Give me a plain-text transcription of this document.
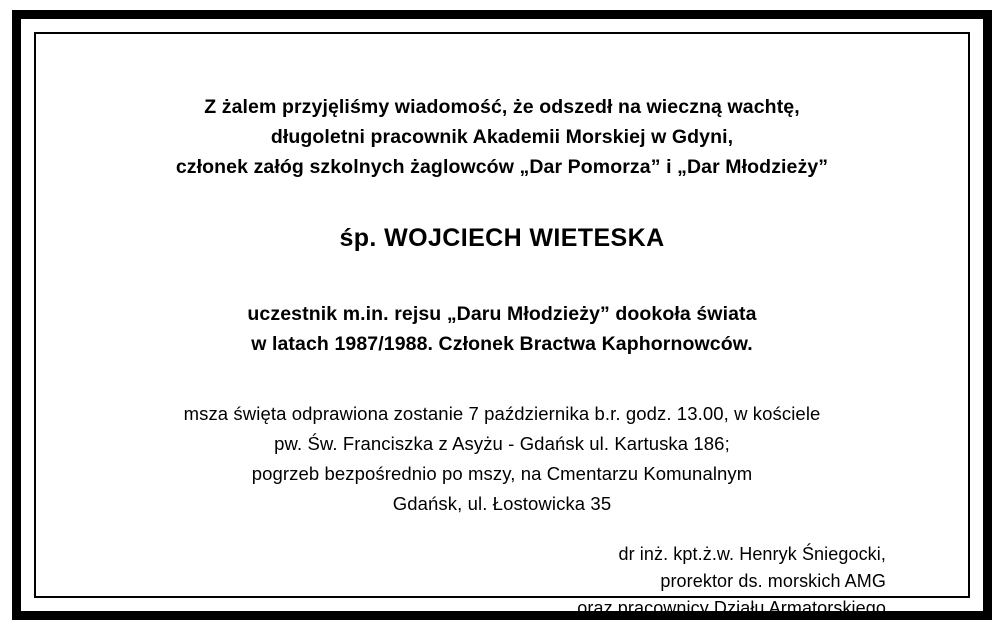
Z żalem przyjęliśmy wiadomość, że odszedł na wieczną wachtę,
długoletni pracownik Akademii Morskiej w Gdyni,
członek załóg szkolnych żaglowców „Dar Pomorza” i „Dar Młodzieży”
śp. WOJCIECH WIETESKA
uczestnik m.in. rejsu „Daru Młodzieży” dookoła świata
w latach 1987/1988. Członek Bractwa Kaphornowców.
msza święta odprawiona zostanie 7 października b.r. godz. 13.00, w kościele
pw. Św. Franciszka z Asyżu - Gdańsk ul. Kartuska 186;
pogrzeb bezpośrednio po mszy, na Cmentarzu Komunalnym
Gdańsk, ul. Łostowicka 35
dr inż. kpt.ż.w. Henryk Śniegocki,
prorektor ds. morskich AMG
oraz pracownicy Działu Armatorskiego
